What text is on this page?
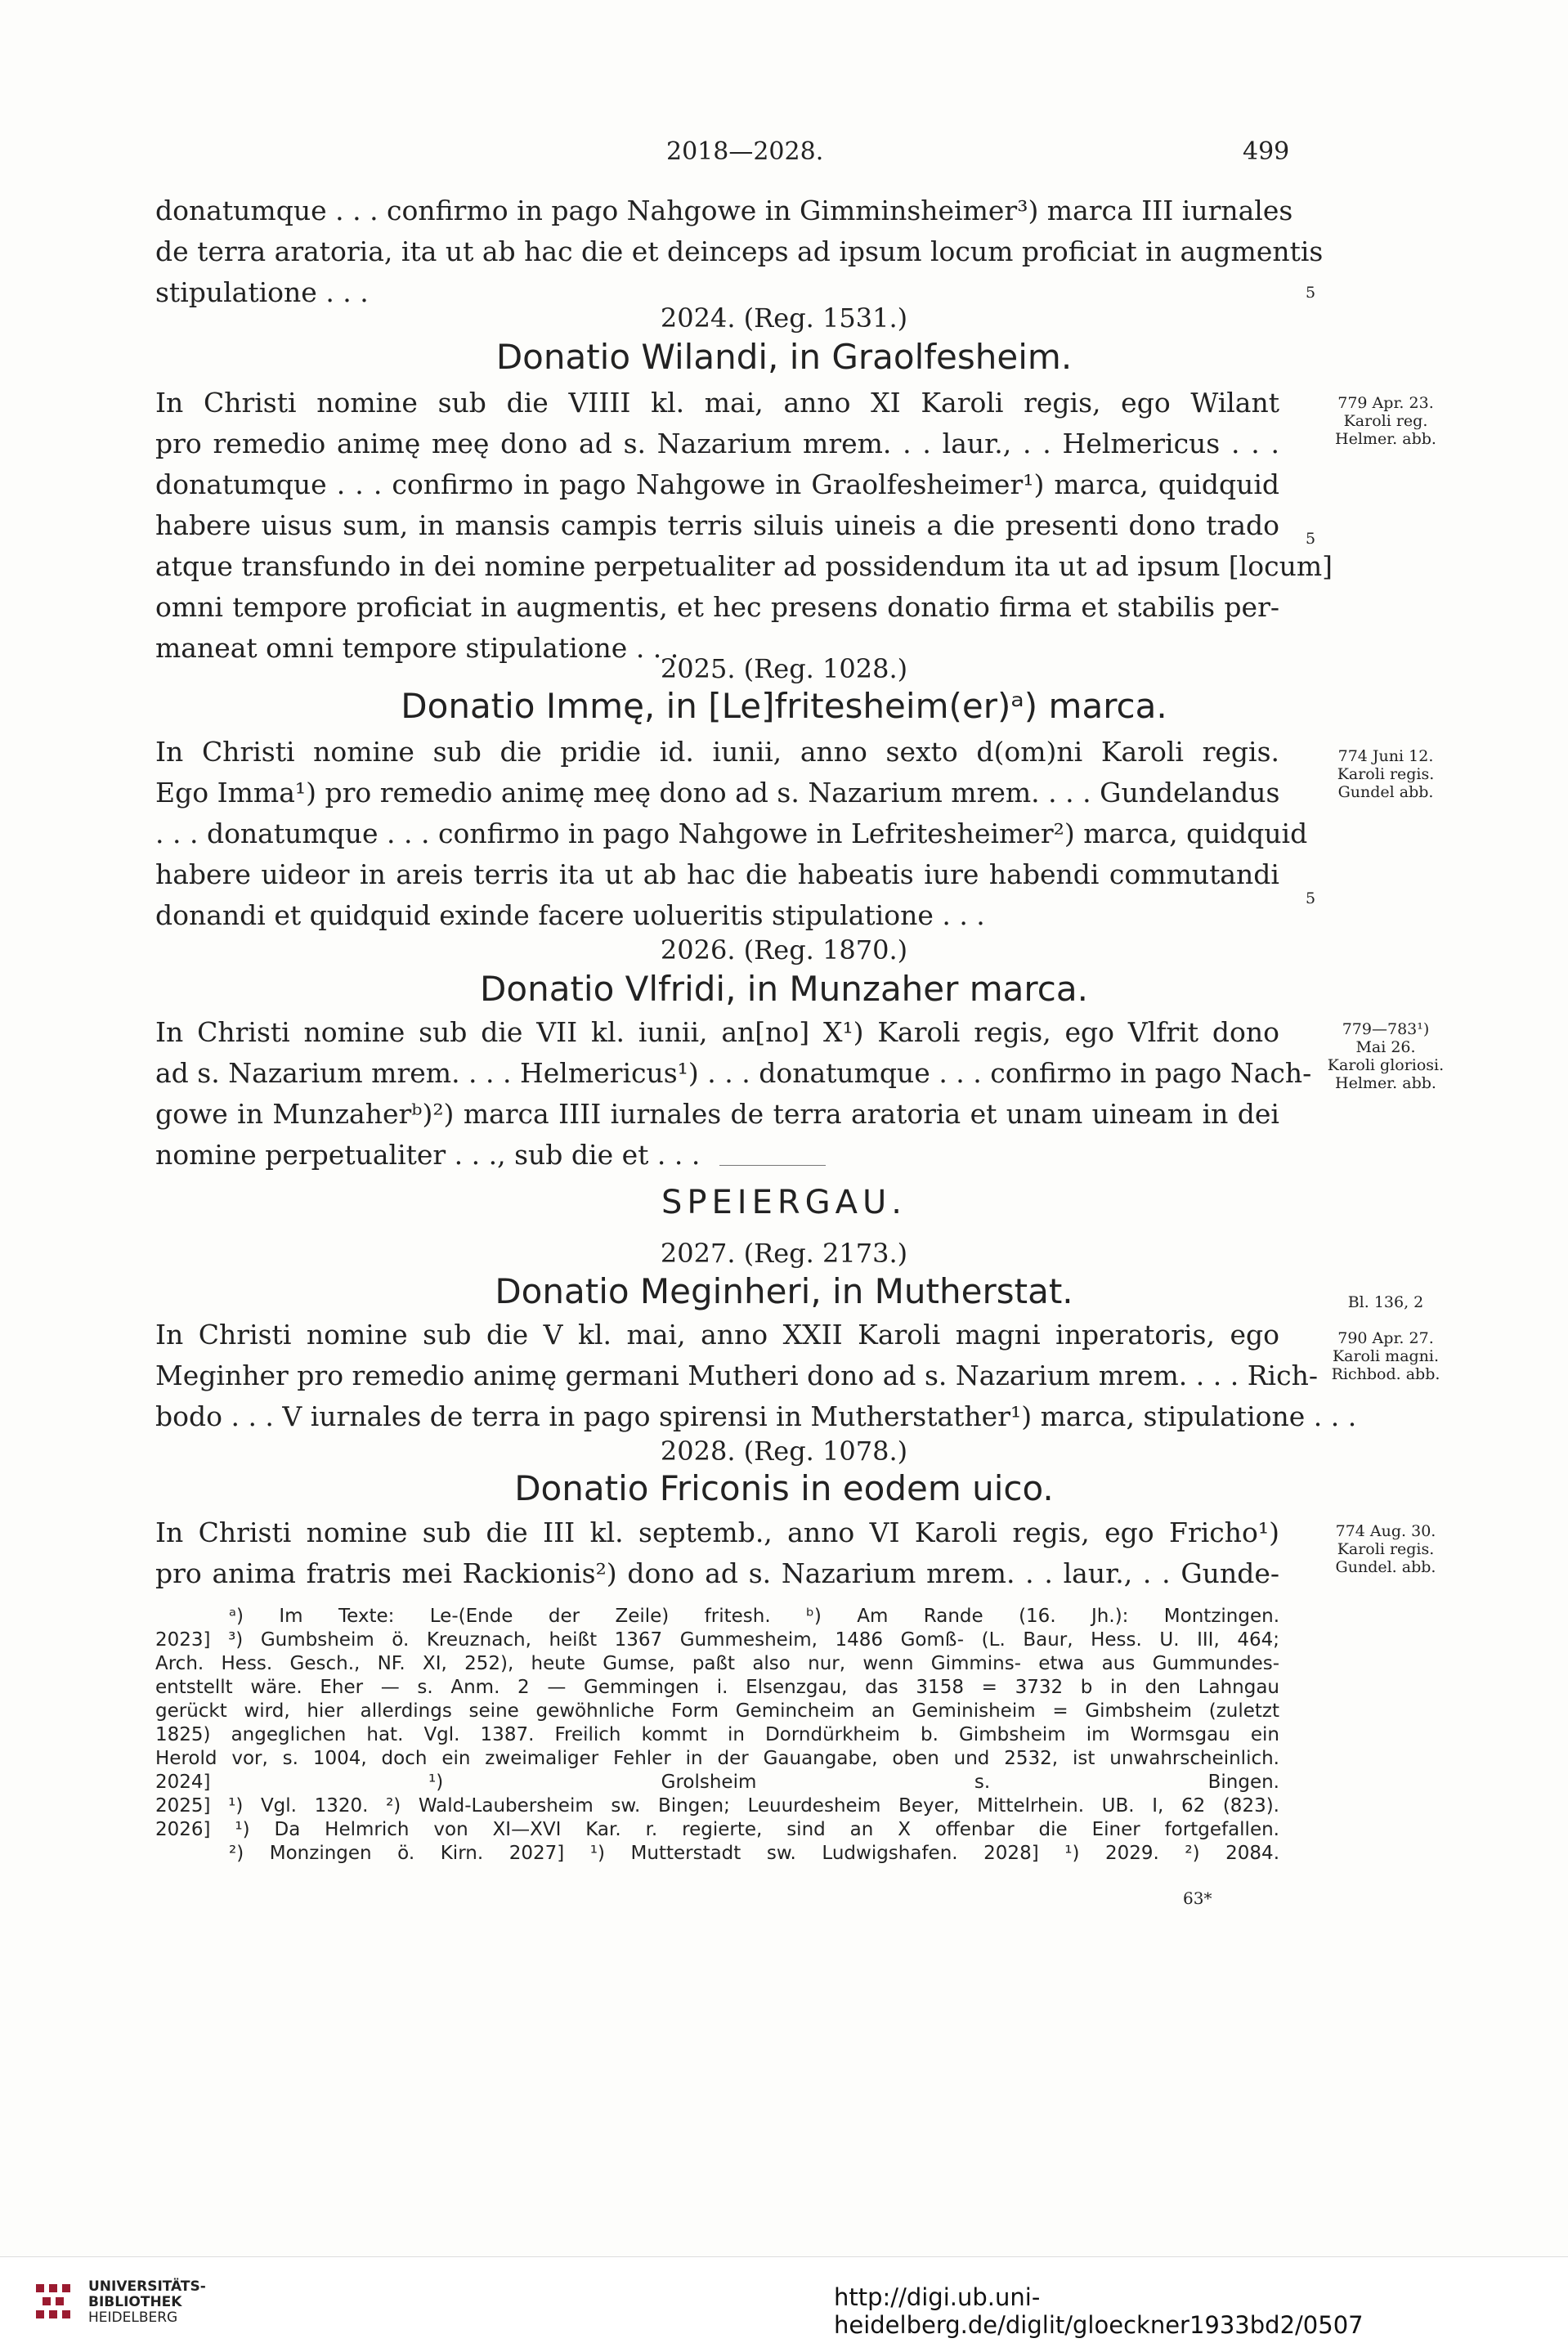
2018—2028.	499
donatumque . . . confirmo in pago Nahgowe in Gimminsheimer³) marca III iurnales
de terra aratoria, ita ut ab hac die et deinceps ad ipsum locum proficiat in augmentis
stipulatione . . .	5
2024. (Reg. 1531.)
Donatio Wilandi, in Graolfesheim.
In Christi nomine sub die VIIII kl. mai, anno XI Karoli regis, ego Wilant
pro remedio animę meę dono ad s. Nazarium mrem. . . laur., . . Helmericus . . .
donatumque . . . confirmo in pago Nahgowe in Graolfesheimer¹) marca, quidquid
habere uisus sum, in mansis campis terris siluis uineis a die presenti dono trado
atque transfundo in dei nomine perpetualiter ad possidendum ita ut ad ipsum [locum]
omni tempore proficiat in augmentis, et hec presens donatio firma et stabilis per-
maneat omni tempore stipulatione . . .
779 Apr. 23.
Karoli reg.
Helmer. abb.
5
2025. (Reg. 1028.)
Donatio Immę, in [Le]fritesheim(er)ᵃ) marca.
In Christi nomine sub die pridie id. iunii, anno sexto d(om)ni Karoli regis.
Ego Imma¹) pro remedio animę meę dono ad s. Nazarium mrem. . . . Gundelandus
. . . donatumque . . . confirmo in pago Nahgowe in Lefritesheimer²) marca, quidquid
habere uideor in areis terris ita ut ab hac die habeatis iure habendi commutandi
donandi et quidquid exinde facere uolueritis stipulatione . . .
774 Juni 12.
Karoli regis.
Gundel abb.
5
2026. (Reg. 1870.)
Donatio Vlfridi, in Munzaher marca.
In Christi nomine sub die VII kl. iunii, an[no] X¹) Karoli regis, ego Vlfrit dono
ad s. Nazarium mrem. . . . Helmericus¹) . . . donatumque . . . confirmo in pago Nach-
gowe in Munzaherᵇ)²) marca IIII iurnales de terra aratoria et unam uineam in dei
nomine perpetualiter . . ., sub die et . . .
779—783¹)
Mai 26.
Karoli gloriosi.
Helmer. abb.
SPEIERGAU.
2027. (Reg. 2173.)
Donatio Meginheri, in Mutherstat.
In Christi nomine sub die V kl. mai, anno XXII Karoli magni inperatoris, ego
Meginher pro remedio animę germani Mutheri dono ad s. Nazarium mrem. . . . Rich-
bodo . . . V iurnales de terra in pago spirensi in Mutherstather¹) marca, stipulatione . . .
Bl. 136, 2
790 Apr. 27.
Karoli magni.
Richbod. abb.
2028. (Reg. 1078.)
Donatio Friconis in eodem uico.
In Christi nomine sub die III kl. septemb., anno VI Karoli regis, ego Fricho¹)
pro anima fratris mei Rackionis²) dono ad s. Nazarium mrem. . . laur., . . Gunde-
774 Aug. 30.
Karoli regis.
Gundel. abb.
ᵃ) Im Texte: Le-(Ende der Zeile) fritesh. ᵇ) Am Rande (16. Jh.): Montzingen.
2023] ³) Gumbsheim ö. Kreuznach, heißt 1367 Gummesheim, 1486 Gomß- (L. Baur, Hess. U. III, 464;
Arch. Hess. Gesch., NF. XI, 252), heute Gumse, paßt also nur, wenn Gimmins- etwa aus Gummundes-
entstellt wäre. Eher — s. Anm. 2 — Gemmingen i. Elsenzgau, das 3158 = 3732 b in den Lahngau
gerückt wird, hier allerdings seine gewöhnliche Form Gemincheim an Geminisheim = Gimbsheim (zuletzt
1825) angeglichen hat. Vgl. 1387. Freilich kommt in Dorndürkheim b. Gimbsheim im Wormsgau ein
Herold vor, s. 1004, doch ein zweimaliger Fehler in der Gauangabe, oben und 2532, ist unwahrscheinlich.
2024] ¹) Grolsheim s. Bingen.
2025] ¹) Vgl. 1320. ²) Wald-Laubersheim sw. Bingen; Leuurdesheim Beyer, Mittelrhein. UB. I, 62 (823).
2026] ¹) Da Helmrich von XI—XVI Kar. r. regierte, sind an X offenbar die Einer fortgefallen.
²) Monzingen ö. Kirn. 2027] ¹) Mutterstadt sw. Ludwigshafen. 2028] ¹) 2029. ²) 2084.
63*
UNIVERSITÄTS-
BIBLIOTHEK
HEIDELBERG
http://digi.ub.uni-heidelberg.de/diglit/gloeckner1933bd2/0507
